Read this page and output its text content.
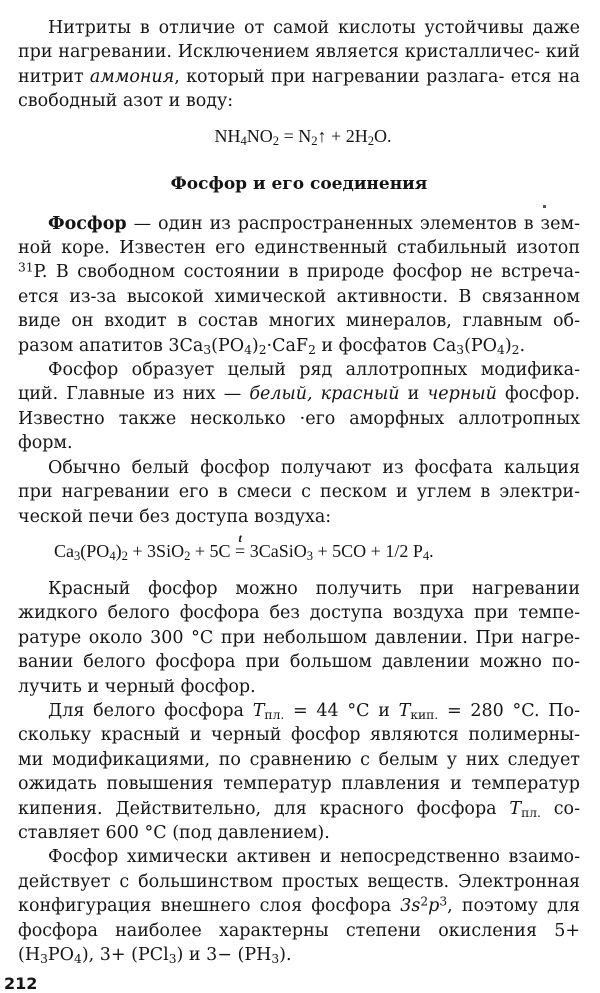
Нитриты в отличие от самой кислоты устойчивы даже при нагревании. Исключением является кристалличес- кий нитрит аммония, который при нагревании разлага- ется на свободный азот и воду:

$NH_4NO_2$ = $N_2↑ + 2H_2O$.
Фосфор и его соединения

Фосфор — один из распространенных элементов в зем- ной коре. Известен его единственный стабильный изотоп $^{31}$P. В свободном состоянии в природе фосфор не встреча- ется из-за высокой химической активности. В связанном виде он входит в состав многих минералов, главным об- разом апатитов $3Ca_3(PO_4)_2\cdot CaF_2$ и фосфатов $Ca_3(PO_4)_2$.

Фосфор образует целый ряд аллотропных модифика- ций. Главные из них — белый, красный и черный фосфор. Известно также несколько ·его аморфных аллотропных форм.

Обычно белый фосфор получают из фосфата кальция при нагревании его в смеси с песком и углем в электри- ческой печи без доступа воздуха:

$Ca_3(PO_4)_2 + 3SiO_2 + 5C$
t
= 3CaSiO$_3$ + 5CO + 1/2 $P_4$.

Красный фосфор можно получить при нагревании жидкого белого фосфора без доступа воздуха при темпе- ратуре около 300 °C при небольшом давлении. При нагре- вании белого фосфора при большом давлении можно по- лучить и черный фосфор.

Для белого фосфора $T_{пл.} = 44$ °C и $T_{кип.} = 280$ °C. По- скольку красный и черный фосфор являются полимерны- ми модификациями, по сравнению с белым у них следует ожидать повышения температур плавления и температур кипения. Действительно, для красного фосфора $T_{пл.}$ со- ставляет 600 °C (под давлением).

Фосфор химически активен и непосредственно взаимо- действует с большинством простых веществ. Электронная конфигурация внешнего слоя фосфора $3s^2p^3$, поэтому для фосфора наиболее характерны степени окисления $5+ (H_3PO_4)$, 3+ (PCl$_3$) и $3- (PH_3)$.

212
